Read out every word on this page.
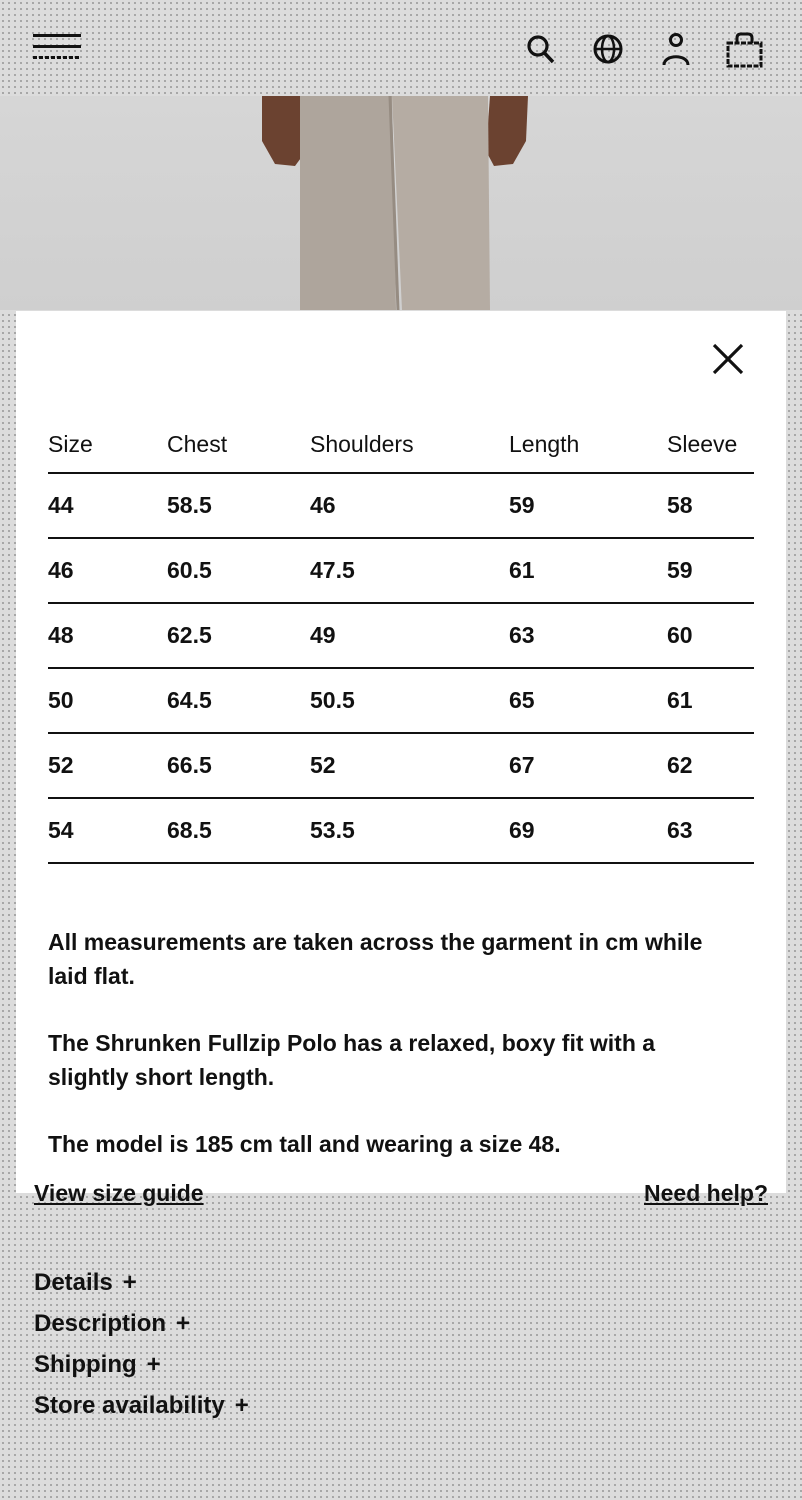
Size	Chest	Shoulders	Length	Sleeve
44	58.5	46	59	58
46	60.5	47.5	61	59
48	62.5	49	63	60
50	64.5	50.5	65	61
52	66.5	52	67	62
54	68.5	53.5	69	63

All measurements are taken across the garment in cm while laid flat.

The Shrunken Fullzip Polo has a relaxed, boxy fit with a slightly short length.

The model is 185 cm tall and wearing a size 48.

View size guide	Need help?
Details +
Description +
Shipping +
Store availability +
